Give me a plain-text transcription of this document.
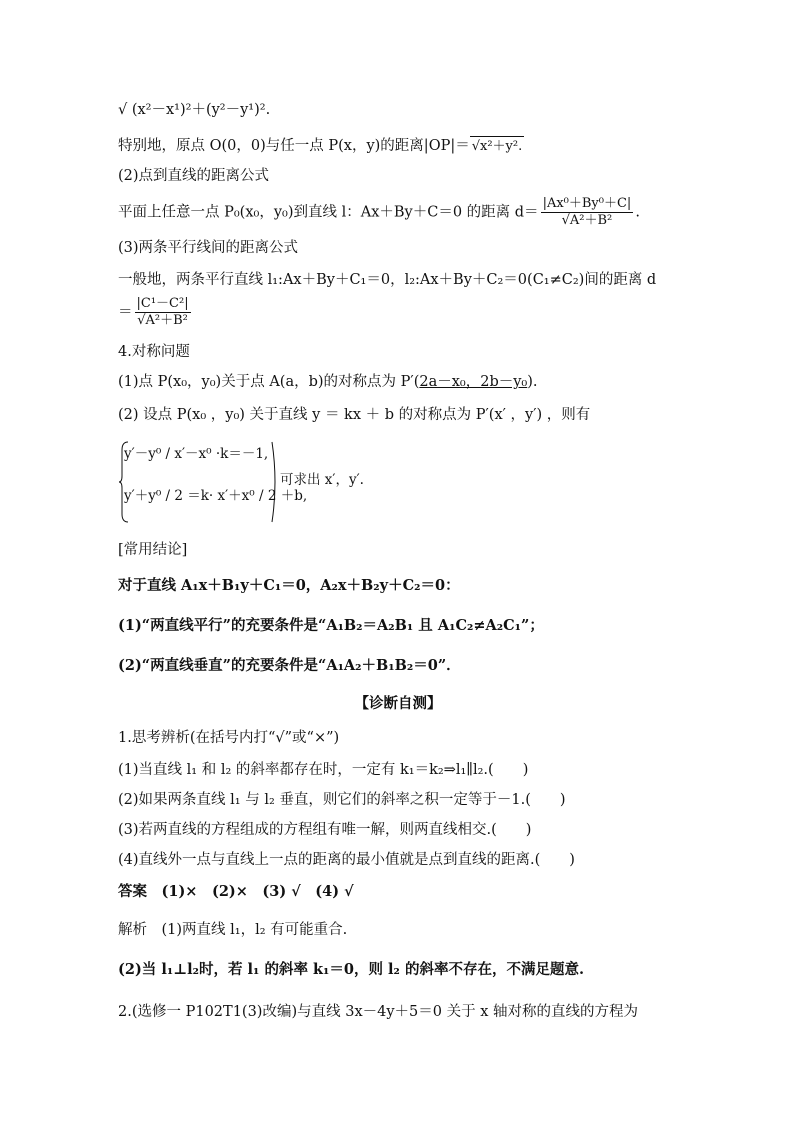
√ (x²－x¹)²＋(y²－y¹)².
特别地，原点 O(0，0)与任一点 P(x，y)的距离|OP|＝ √x²＋y².
(2)点到直线的距离公式
平面上任意一点 P₀(x₀，y₀)到直线 l：Ax＋By＋C＝0 的距离 $d= \frac{\text{|Ax⁰＋By⁰＋C|}}{\text{√A²＋B²}}$ .
(3)两条平行线间的距离公式
一般地，两条平行直线 l₁:Ax＋By＋C₁＝0，l₂:Ax＋By＋C₂＝0(C₁≠C₂)间的距离 d
＝ $\frac{\text{|C¹－C²|}}{\text{√A²＋B²}}$
4.对称问题
(1)点 P(x₀，y₀)关于点 A(a，b)的对称点为 P′(2a－x₀，2b－y₀).
(2) 设点 P(x₀ ，y₀) 关于直线 y ＝ kx ＋ b 的对称点为 P′(x′ ，y′) ，则有
y′－y⁰ / x′－x⁰ ·k＝－1,
y′＋y⁰ / 2 ＝k· x′＋x⁰ / 2 ＋b,
可求出 x′，y′.
[常用结论]
对于直线 A₁x＋B₁y＋C₁＝0，A₂x＋B₂y＋C₂＝0：
(1)“两直线平行”的充要条件是“A₁B₂＝A₂B₁ 且 A₁C₂≠A₂C₁”；
(2)“两直线垂直”的充要条件是“A₁A₂＋B₁B₂＝0”．
【诊断自测】
1.思考辨析(在括号内打“√”或“×”)
(1)当直线 l₁ 和 l₂ 的斜率都存在时，一定有 k₁＝k₂⇒l₁∥l₂.(　　)
(2)如果两条直线 l₁ 与 l₂ 垂直，则它们的斜率之积一定等于－1.(　　)
(3)若两直线的方程组成的方程组有唯一解，则两直线相交.(　　)
(4)直线外一点与直线上一点的距离的最小值就是点到直线的距离.(　　)
答案　(1)×　(2)×　(3) √　(4) √
解析　(1)两直线 l₁，l₂ 有可能重合.
(2)当 l₁⊥l₂时，若 l₁ 的斜率 k₁＝0，则 l₂ 的斜率不存在，不满足题意.
2.(选修一 P102T1(3)改编)与直线 3x－4y＋5＝0 关于 x 轴对称的直线的方程为
